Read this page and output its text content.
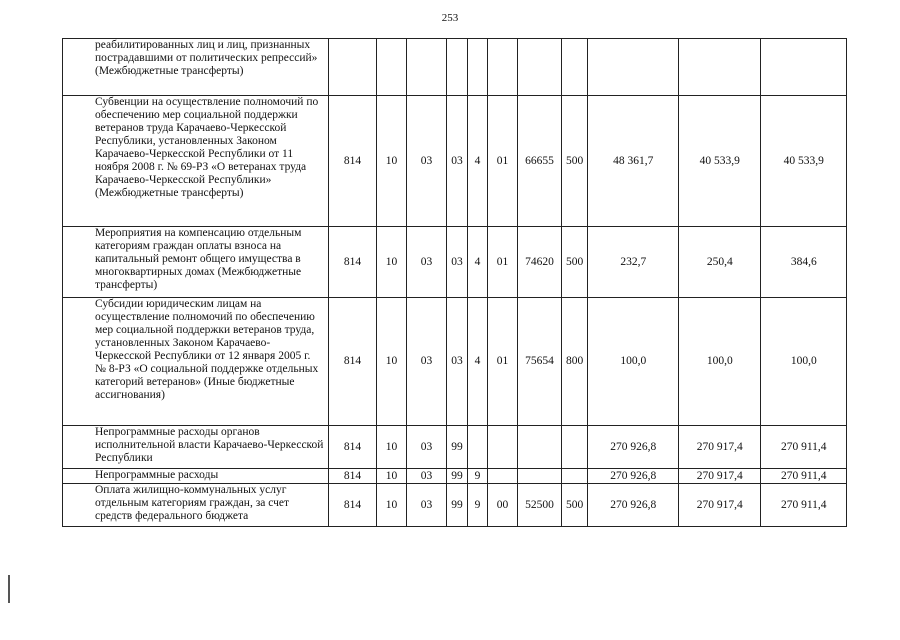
253
реабилитированных лиц и лиц, признанных пострадавшими от политических репрессий» (Межбюджетные трансферты)											
Субвенции на осуществление полномочий по обеспечению мер социальной поддержки ветеранов труда Карачаево-Черкесской Республики, установленных Законом Карачаево-Черкесской Республики от 11 ноября 2008 г. № 69-РЗ «О ветеранах труда Карачаево-Черкесской Республики» (Межбюджетные трансферты)	814	10	03	03	4	01	66655	500	48 361,7	40 533,9	40 533,9
Мероприятия на компенсацию отдельным категориям граждан оплаты взноса на капитальный ремонт общего имущества в многоквартирных домах (Межбюджетные трансферты)	814	10	03	03	4	01	74620	500	232,7	250,4	384,6
Субсидии юридическим лицам на осуществление полномочий по обеспечению мер социальной поддержки ветеранов труда, установленных Законом Карачаево-Черкесской Республики от 12 января 2005 г. № 8-РЗ «О социальной поддержке отдельных категорий ветеранов» (Иные бюджетные ассигнования)	814	10	03	03	4	01	75654	800	100,0	100,0	100,0
Непрограммные расходы органов исполнительной власти Карачаево-Черкесской Республики	814	10	03	99					270 926,8	270 917,4	270 911,4
Непрограммные расходы	814	10	03	99	9				270 926,8	270 917,4	270 911,4
Оплата жилищно-коммунальных услуг отдельным категориям граждан, за счет средств федерального бюджета	814	10	03	99	9	00	52500	500	270 926,8	270 917,4	270 911,4
